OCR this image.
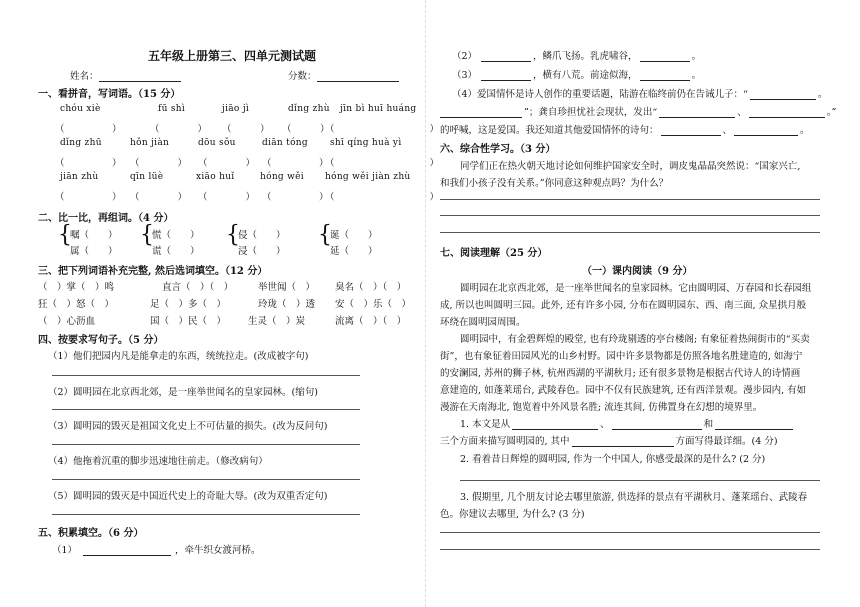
五年级上册第三、四单元测试题
姓名：	分数：
一、看拼音，写词语。（15 分）
chóu xiè	fū shì	jiāo jì	dǐng zhù jīn bì huī huáng
（　　　　　）	（　　　　） （　　　） （　　　）
（　　　　　　　　　　）
dǐng zhū	hǒn jiàn	dōu sǒu	diān tóng shī qíng huà yì
（　　　　　） （　　　　） （　　　　） （　　　　　）
（　　　　　　　　　　）
jiān zhù	qīn lüè	xiāo huǐ	hóng wěi hóng wěi jiàn zhù
（　　　　　） （　　　　） （　　　　） （　　　　　）
（　　　　　　　　　　）
二、比一比，再组词。（4 分）
{
嘱（　　）
属（　　）
{
慌（　　）
谎（　　）
{
侵（　　）
浸（　　）
{
诞（　　）
延（　　）
三、把下列词语补充完整, 然后选词填空。（12 分）
（　）掌（　）鸣	直言（　）（　）	举世闻（　） 臭名（　）（　）
狂（　）怒（　）	足（　）多（　）	玲珑（　）透 安（　）乐（　）
（　）心沥血	国（　）民（　） 生灵（　）炭	流离（　）（　）
四、按要求写句子。（5 分）
（1）他们把园内凡是能拿走的东西，统统拉走。(改成被字句)
（2）圆明园在北京西北郊，是一座举世闻名的皇家园林。(缩句)
（3）圆明园的毁灭是祖国文化史上不可估量的损失。(改为反问句)
（4）他拖着沉重的脚步迅速地往前走。（修改病句）
（5）圆明园的毁灭是中国近代史上的奇耻大辱。(改为双重否定句)
五、积累填空。（6 分）
（1）	，牵牛织女渡河桥。
（2）	，鳞爪飞扬。乳虎啸谷，	。
（3）	，横有八荒。前途似海，	。
（4）爱国情怀是诗人创作的重要话题，陆游在临终前仍在告诫儿子：“	。
”；龚自珍担忧社会现状，发出“	、	。”
的呼喊，这是爱国。我还知道其他爱国情怀的诗句：	、	。
六、综合性学习。（3 分）
同学们正在热火朝天地讨论如何维护国家安全时，调皮鬼晶晶突然说：“国家兴亡,
和我们小孩子没有关系。”你同意这种观点吗？为什么？
七、阅读理解（25 分）
（一）课内阅读（9 分）
圆明园在北京西北郊，是一座举世闻名的皇家园林。它由圆明园、万春园和长春园组
成, 所以也叫圆明三园。此外, 还有许多小园, 分布在圆明园东、西、南三面, 众星拱月般
环绕在圆明园周围。
圆明园中，有金碧辉煌的殿堂, 也有玲珑剔透的亭台楼阁; 有象征着热闹街市的“买卖
街”，也有象征着田园风光的山乡村野。园中许多景物都是仿照各地名胜建造的, 如海宁
的安澜园, 苏州的狮子林, 杭州西湖的平湖秋月; 还有很多景物是根据古代诗人的诗情画
意建造的, 如蓬莱瑶台, 武陵春色。园中不仅有民族建筑, 还有西洋景观。漫步园内, 有如
漫游在天南海北, 饱览着中外风景名胜; 流连其间, 仿佛置身在幻想的境界里。
1. 本文是从	、	和
三个方面来描写圆明园的, 其中	方面写得最详细。(4 分)
2. 看着昔日辉煌的圆明园, 作为一个中国人, 你感受最深的是什么? (2 分)
3. 假期里, 几个朋友讨论去哪里旅游, 供选择的景点有平湖秋月、蓬莱瑶台、武陵春
色。你建议去哪里, 为什么? (3 分)
